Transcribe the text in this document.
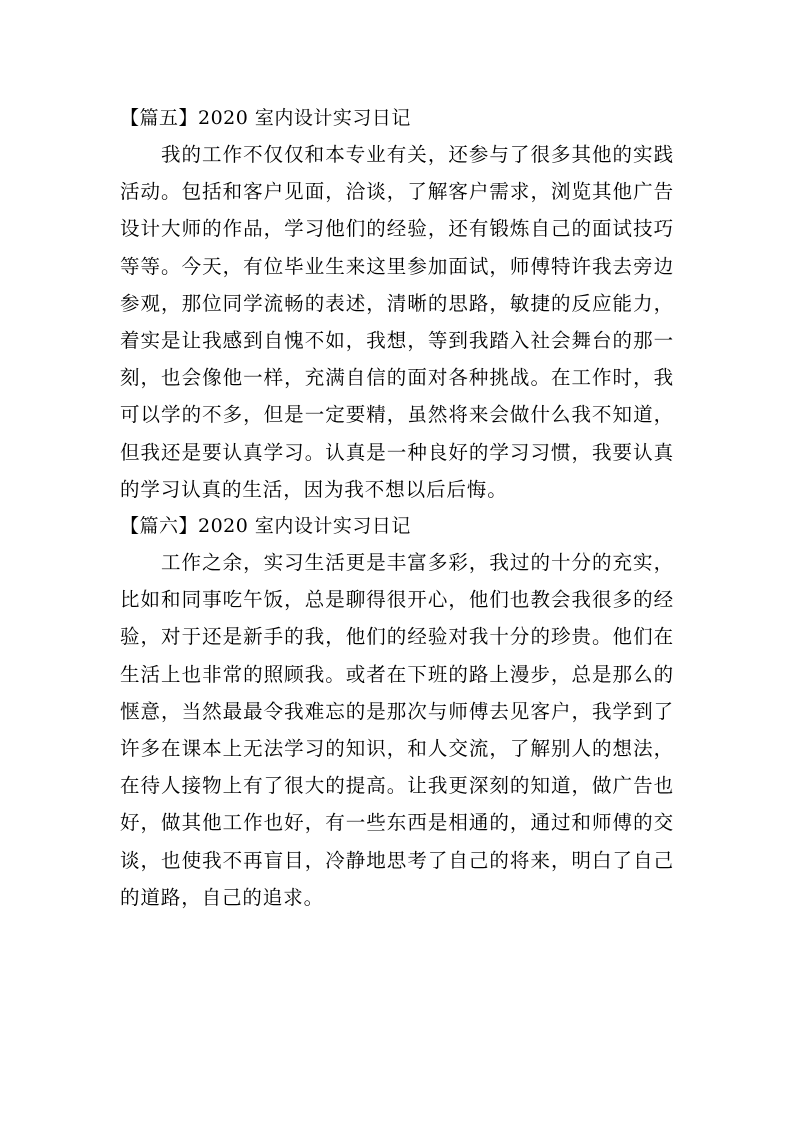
【篇五】2020 室内设计实习日记

我的工作不仅仅和本专业有关，还参与了很多其他的实践活动。包括和客户见面，洽谈，了解客户需求，浏览其他广告设计大师的作品，学习他们的经验，还有锻炼自己的面试技巧等等。今天，有位毕业生来这里参加面试，师傅特许我去旁边参观，那位同学流畅的表述，清晰的思路，敏捷的反应能力，着实是让我感到自愧不如，我想，等到我踏入社会舞台的那一刻，也会像他一样，充满自信的面对各种挑战。在工作时，我可以学的不多，但是一定要精，虽然将来会做什么我不知道，但我还是要认真学习。认真是一种良好的学习习惯，我要认真的学习认真的生活，因为我不想以后后悔。

【篇六】2020 室内设计实习日记

工作之余，实习生活更是丰富多彩，我过的十分的充实，比如和同事吃午饭，总是聊得很开心，他们也教会我很多的经验，对于还是新手的我，他们的经验对我十分的珍贵。他们在生活上也非常的照顾我。或者在下班的路上漫步，总是那么的惬意，当然最最令我难忘的是那次与师傅去见客户，我学到了许多在课本上无法学习的知识，和人交流，了解别人的想法，在待人接物上有了很大的提高。让我更深刻的知道，做广告也好，做其他工作也好，有一些东西是相通的，通过和师傅的交谈，也使我不再盲目，冷静地思考了自己的将来，明白了自己的道路，自己的追求。
